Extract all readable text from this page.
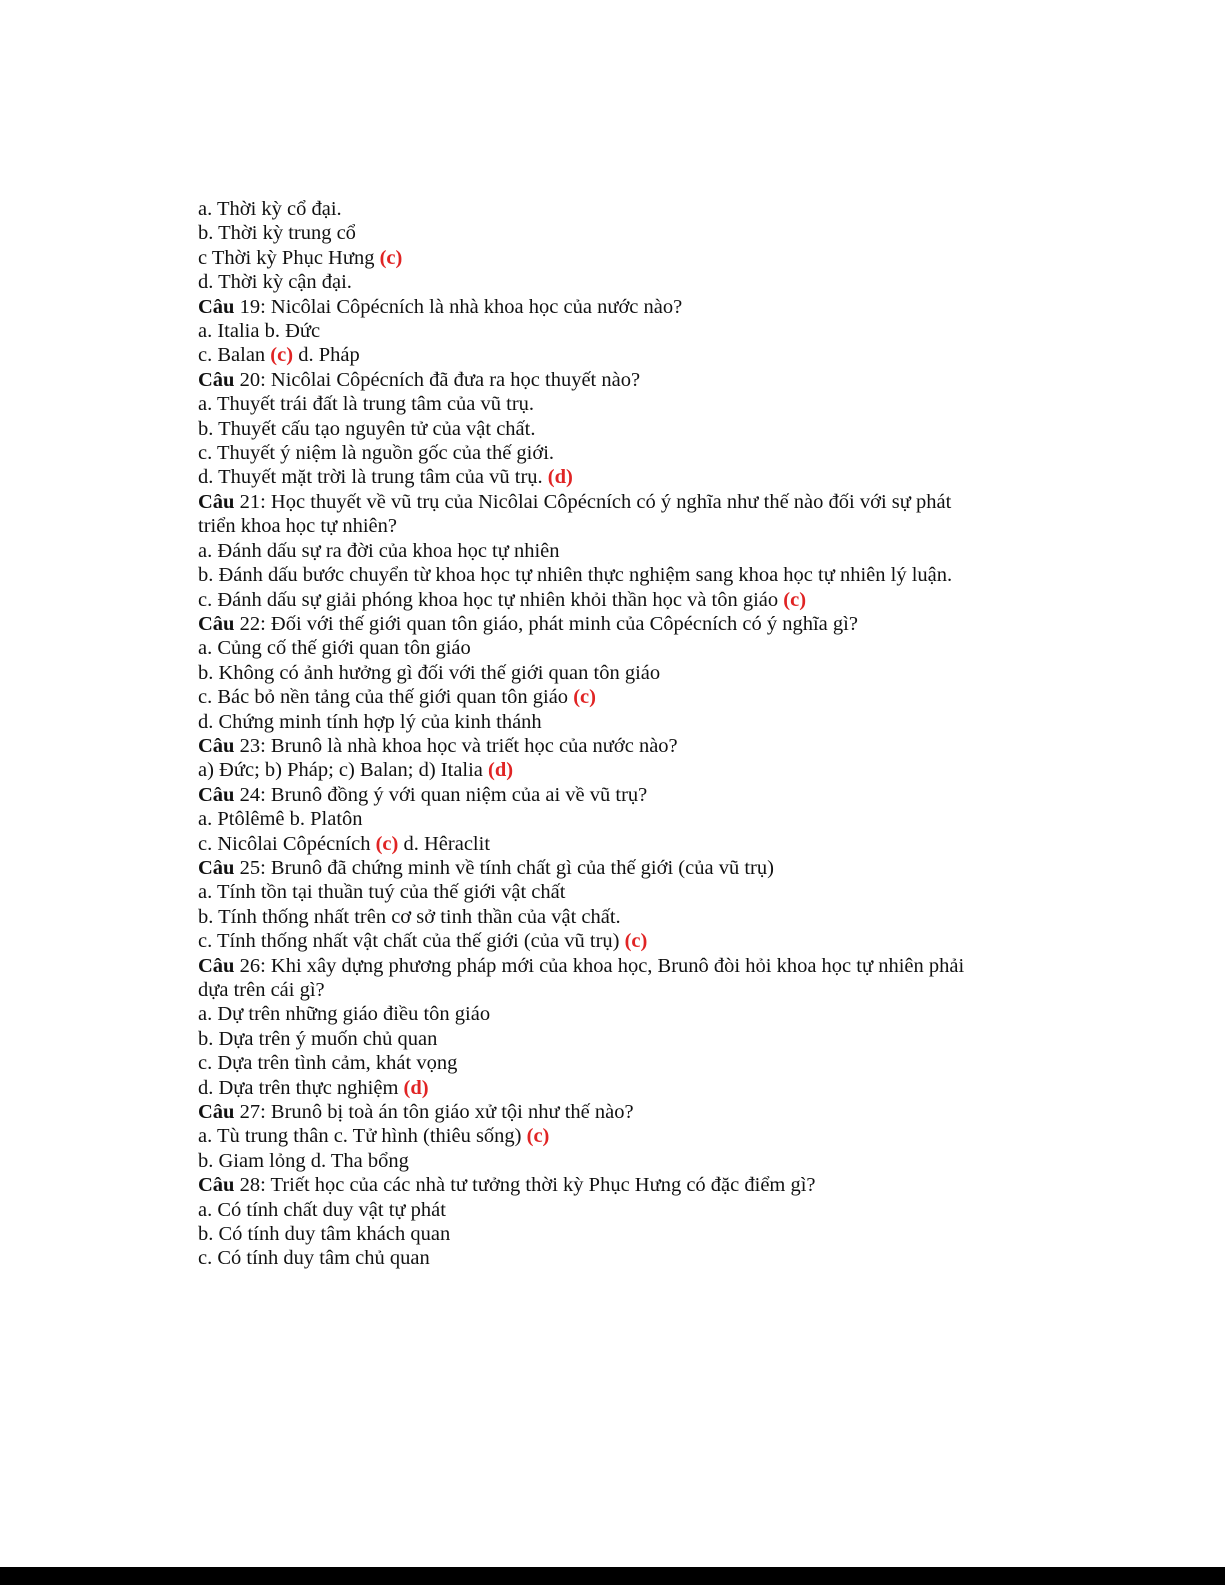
a. Thời kỳ cổ đại.
b. Thời kỳ trung cổ
c Thời kỳ Phục Hưng (c)
d. Thời kỳ cận đại.
Câu 19: Nicôlai Côpécních là nhà khoa học của nước nào?
a. Italia b. Đức
c. Balan (c) d. Pháp
Câu 20: Nicôlai Côpécních đã đưa ra học thuyết nào?
a. Thuyết trái đất là trung tâm của vũ trụ.
b. Thuyết cấu tạo nguyên tử của vật chất.
c. Thuyết ý niệm là nguồn gốc của thế giới.
d. Thuyết mặt trời là trung tâm của vũ trụ. (d)
Câu 21: Học thuyết về vũ trụ của Nicôlai Côpécních có ý nghĩa như thế nào đối với sự phát
triển khoa học tự nhiên?
a. Đánh dấu sự ra đời của khoa học tự nhiên
b. Đánh dấu bước chuyển từ khoa học tự nhiên thực nghiệm sang khoa học tự nhiên lý luận.
c. Đánh dấu sự giải phóng khoa học tự nhiên khỏi thần học và tôn giáo (c)
Câu 22: Đối với thế giới quan tôn giáo, phát minh của Côpécních có ý nghĩa gì?
a. Củng cố thế giới quan tôn giáo
b. Không có ảnh hưởng gì đối với thế giới quan tôn giáo
c. Bác bỏ nền tảng của thế giới quan tôn giáo (c)
d. Chứng minh tính hợp lý của kinh thánh
Câu 23: Brunô là nhà khoa học và triết học của nước nào?
a) Đức; b) Pháp; c) Balan; d) Italia (d)
Câu 24: Brunô đồng ý với quan niệm của ai về vũ trụ?
a. Ptôlêmê b. Platôn
c. Nicôlai Côpécních (c) d. Hêraclit
Câu 25: Brunô đã chứng minh về tính chất gì của thế giới (của vũ trụ)
a. Tính tồn tại thuần tuý của thế giới vật chất
b. Tính thống nhất trên cơ sở tinh thần của vật chất.
c. Tính thống nhất vật chất của thế giới (của vũ trụ) (c)
Câu 26: Khi xây dựng phương pháp mới của khoa học, Brunô đòi hỏi khoa học tự nhiên phải
dựa trên cái gì?
a. Dự trên những giáo điều tôn giáo
b. Dựa trên ý muốn chủ quan
c. Dựa trên tình cảm, khát vọng
d. Dựa trên thực nghiệm (d)
Câu 27: Brunô bị toà án tôn giáo xử tội như thế nào?
a. Tù trung thân c. Tử hình (thiêu sống) (c)
b. Giam lỏng d. Tha bổng
Câu 28: Triết học của các nhà tư tưởng thời kỳ Phục Hưng có đặc điểm gì?
a. Có tính chất duy vật tự phát
b. Có tính duy tâm khách quan
c. Có tính duy tâm chủ quan
